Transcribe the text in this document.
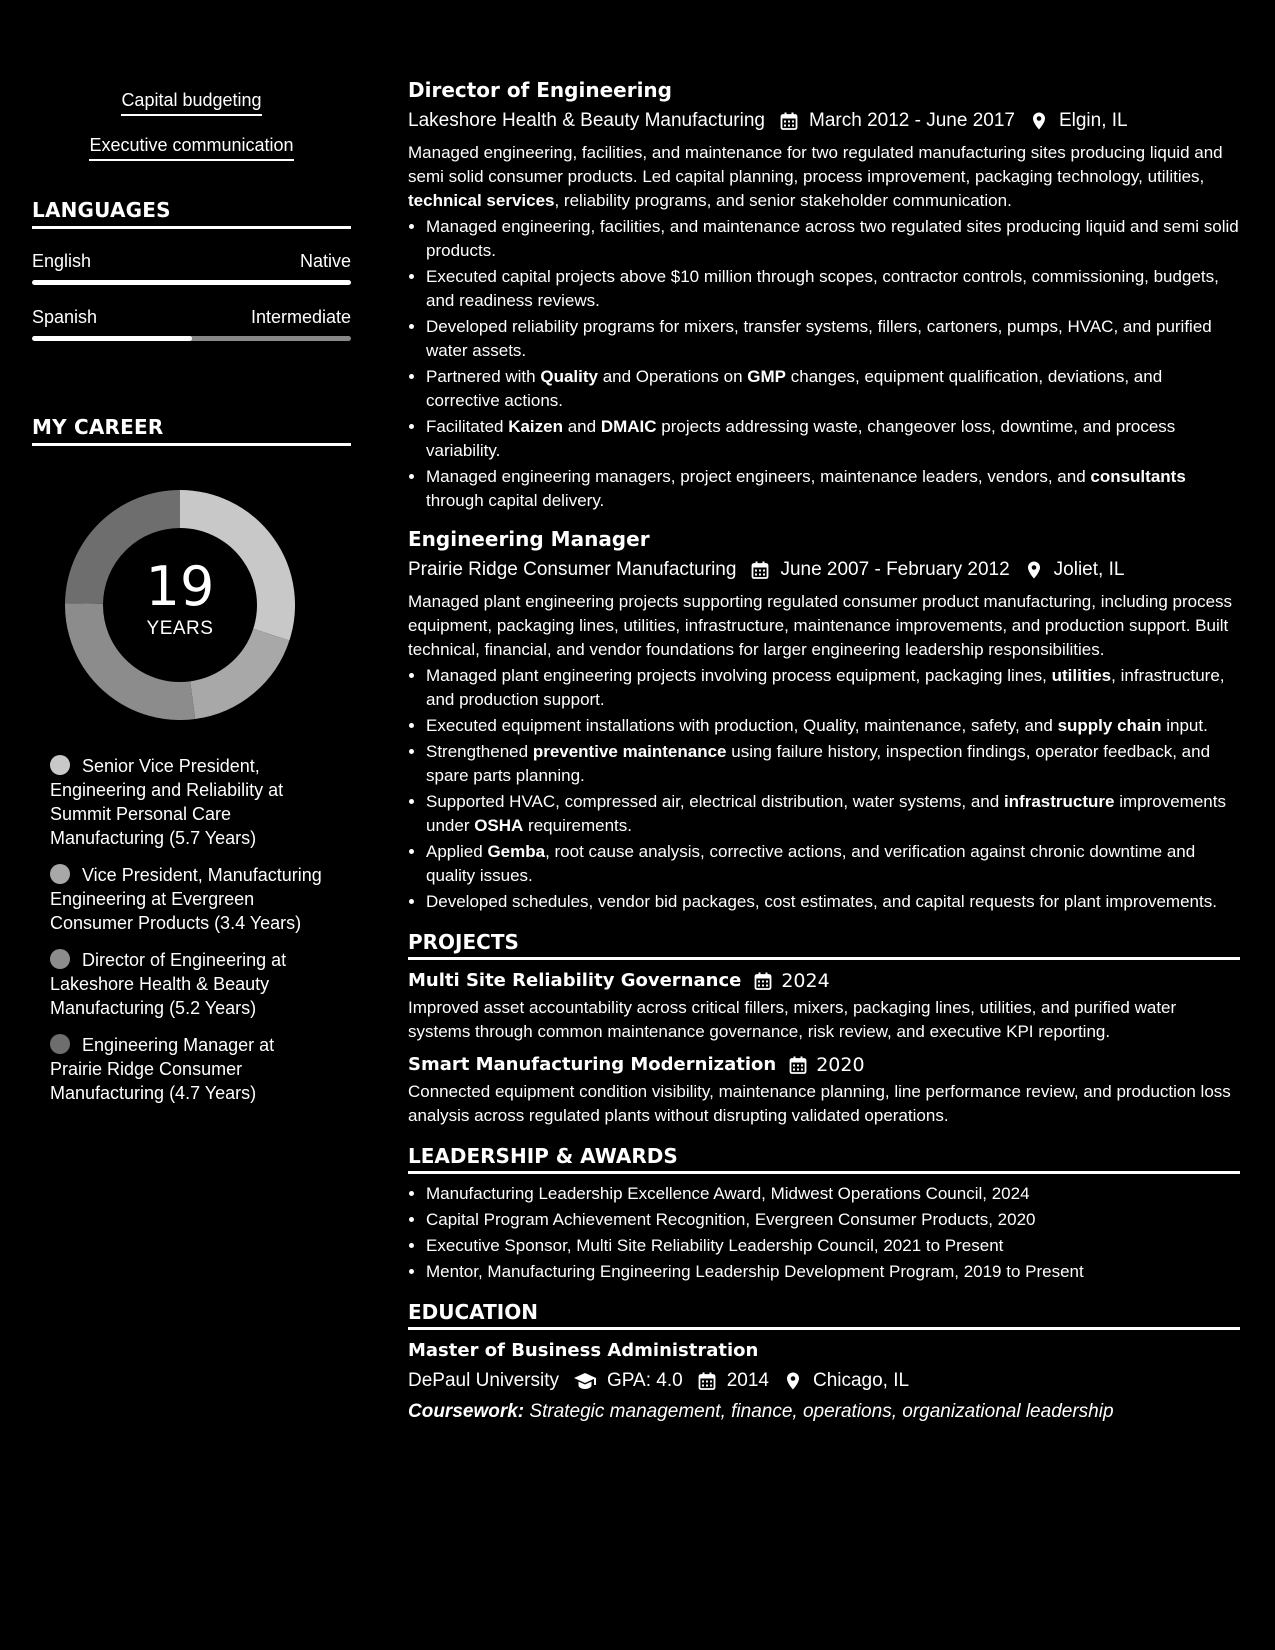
Capital budgeting
Executive communication
LANGUAGES
English	Native
Spanish	Intermediate
MY CAREER
19
YEARS
Senior Vice President, Engineering and Reliability at Summit Personal Care Manufacturing (5.7 Years)
Vice President, Manufacturing Engineering at Evergreen Consumer Products (3.4 Years)
Director of Engineering at Lakeshore Health & Beauty Manufacturing (5.2 Years)
Engineering Manager at Prairie Ridge Consumer Manufacturing (4.7 Years)
Director of Engineering
Lakeshore Health & Beauty Manufacturing March 2012 - June 2017 Elgin, IL
Managed engineering, facilities, and maintenance for two regulated manufacturing sites producing liquid and semi solid consumer products. Led capital planning, process improvement, packaging technology, utilities, technical services, reliability programs, and senior stakeholder communication.
• Managed engineering, facilities, and maintenance across two regulated sites producing liquid and semi solid products.
• Executed capital projects above $10 million through scopes, contractor controls, commissioning, budgets, and readiness reviews.
• Developed reliability programs for mixers, transfer systems, fillers, cartoners, pumps, HVAC, and purified water assets.
• Partnered with Quality and Operations on GMP changes, equipment qualification, deviations, and corrective actions.
• Facilitated Kaizen and DMAIC projects addressing waste, changeover loss, downtime, and process variability.
• Managed engineering managers, project engineers, maintenance leaders, vendors, and consultants through capital delivery.
Engineering Manager
Prairie Ridge Consumer Manufacturing June 2007 - February 2012 Joliet, IL
Managed plant engineering projects supporting regulated consumer product manufacturing, including process equipment, packaging lines, utilities, infrastructure, maintenance improvements, and production support. Built technical, financial, and vendor foundations for larger engineering leadership responsibilities.
• Managed plant engineering projects involving process equipment, packaging lines, utilities, infrastructure, and production support.
• Executed equipment installations with production, Quality, maintenance, safety, and supply chain input.
• Strengthened preventive maintenance using failure history, inspection findings, operator feedback, and spare parts planning.
• Supported HVAC, compressed air, electrical distribution, water systems, and infrastructure improvements under OSHA requirements.
• Applied Gemba, root cause analysis, corrective actions, and verification against chronic downtime and quality issues.
• Developed schedules, vendor bid packages, cost estimates, and capital requests for plant improvements.
PROJECTS
Multi Site Reliability Governance 2024
Improved asset accountability across critical fillers, mixers, packaging lines, utilities, and purified water systems through common maintenance governance, risk review, and executive KPI reporting.
Smart Manufacturing Modernization 2020
Connected equipment condition visibility, maintenance planning, line performance review, and production loss analysis across regulated plants without disrupting validated operations.
LEADERSHIP & AWARDS
• Manufacturing Leadership Excellence Award, Midwest Operations Council, 2024
• Capital Program Achievement Recognition, Evergreen Consumer Products, 2020
• Executive Sponsor, Multi Site Reliability Leadership Council, 2021 to Present
• Mentor, Manufacturing Engineering Leadership Development Program, 2019 to Present
EDUCATION
Master of Business Administration
DePaul University	GPA: 4.0 2014 Chicago, IL
Coursework: Strategic management, finance, operations, organizational leadership
